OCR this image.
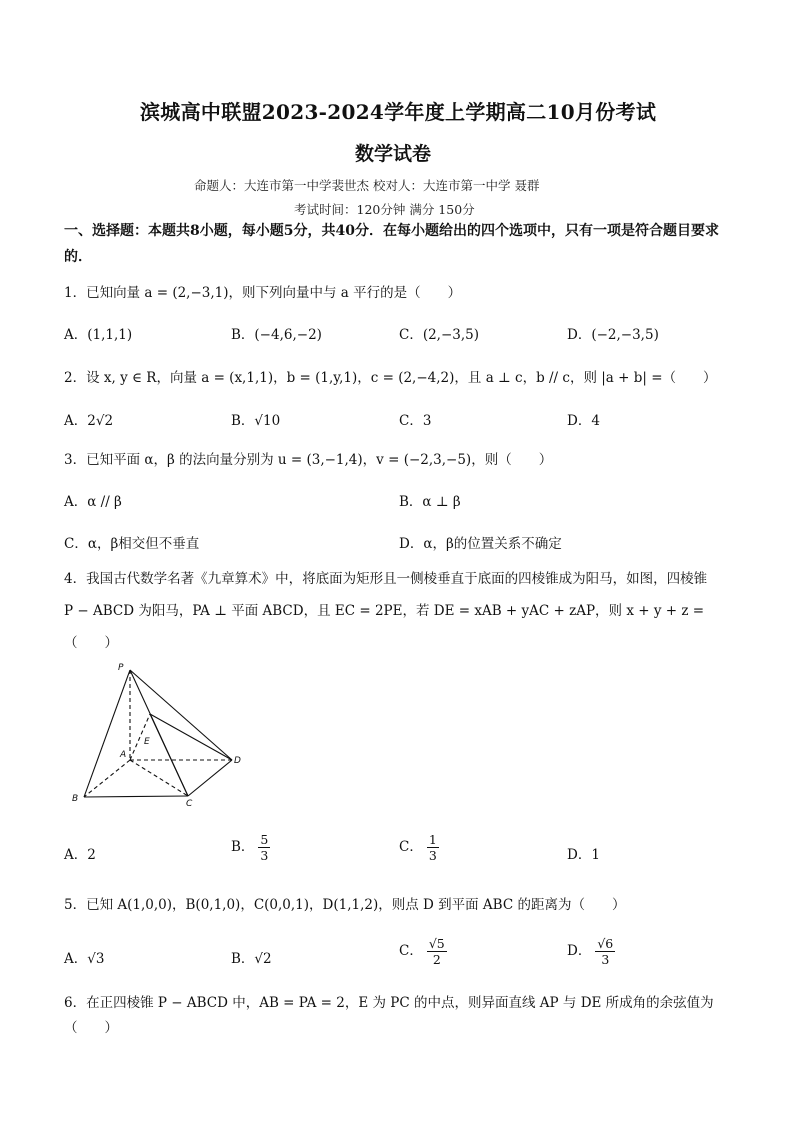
滨城高中联盟2023-2024学年度上学期高二10月份考试
数学试卷
命题人：大连市第一中学裴世杰 校对人：大连市第一中学 聂群
考试时间：120分钟 满分 150分
一、选择题：本题共8小题，每小题5分，共40分．在每小题给出的四个选项中，只有一项是符合题目要求的．
1．已知向量 a = (2,−3,1)，则下列向量中与 a 平行的是（　　）
A．(1,1,1)	B．(−4,6,−2)	C．(2,−3,5)	D．(−2,−3,5)
2．设 x, y ∈ R，向量 a = (x,1,1)，b = (1,y,1)，c = (2,−4,2)，且 a ⊥ c，b // c，则 |a + b| =（　　）
A．2√2	B．√10	C．3	D．4
3．已知平面 α，β 的法向量分别为 u = (3,−1,4)，v = (−2,3,−5)，则（　　）
A．α // β	B．α ⊥ β
C．α，β相交但不垂直	D．α，β的位置关系不确定
4．我国古代数学名著《九章算术》中，将底面为矩形且一侧棱垂直于底面的四棱锥成为阳马，如图，四棱锥
P − ABCD 为阳马，PA ⊥ 平面 ABCD，且 EC = 2PE，若 DE = xAB + yAC + zAP，则 x + y + z =
（　　）
P
E
A
D
B	C
A．2	B． $\frac{5}{3}$	C． $\frac{1}{3}$	D．1
5．已知 A(1,0,0)，B(0,1,0)，C(0,0,1)，D(1,1,2)，则点 D 到平面 ABC 的距离为（　　）
A．√3	B．√2	C． $\frac{√5}{2}$	D． $\frac{√6}{3}$
6．在正四棱锥 P − ABCD 中，AB = PA = 2，E 为 PC 的中点，则异面直线 AP 与 DE 所成角的余弦值为
（　　）
